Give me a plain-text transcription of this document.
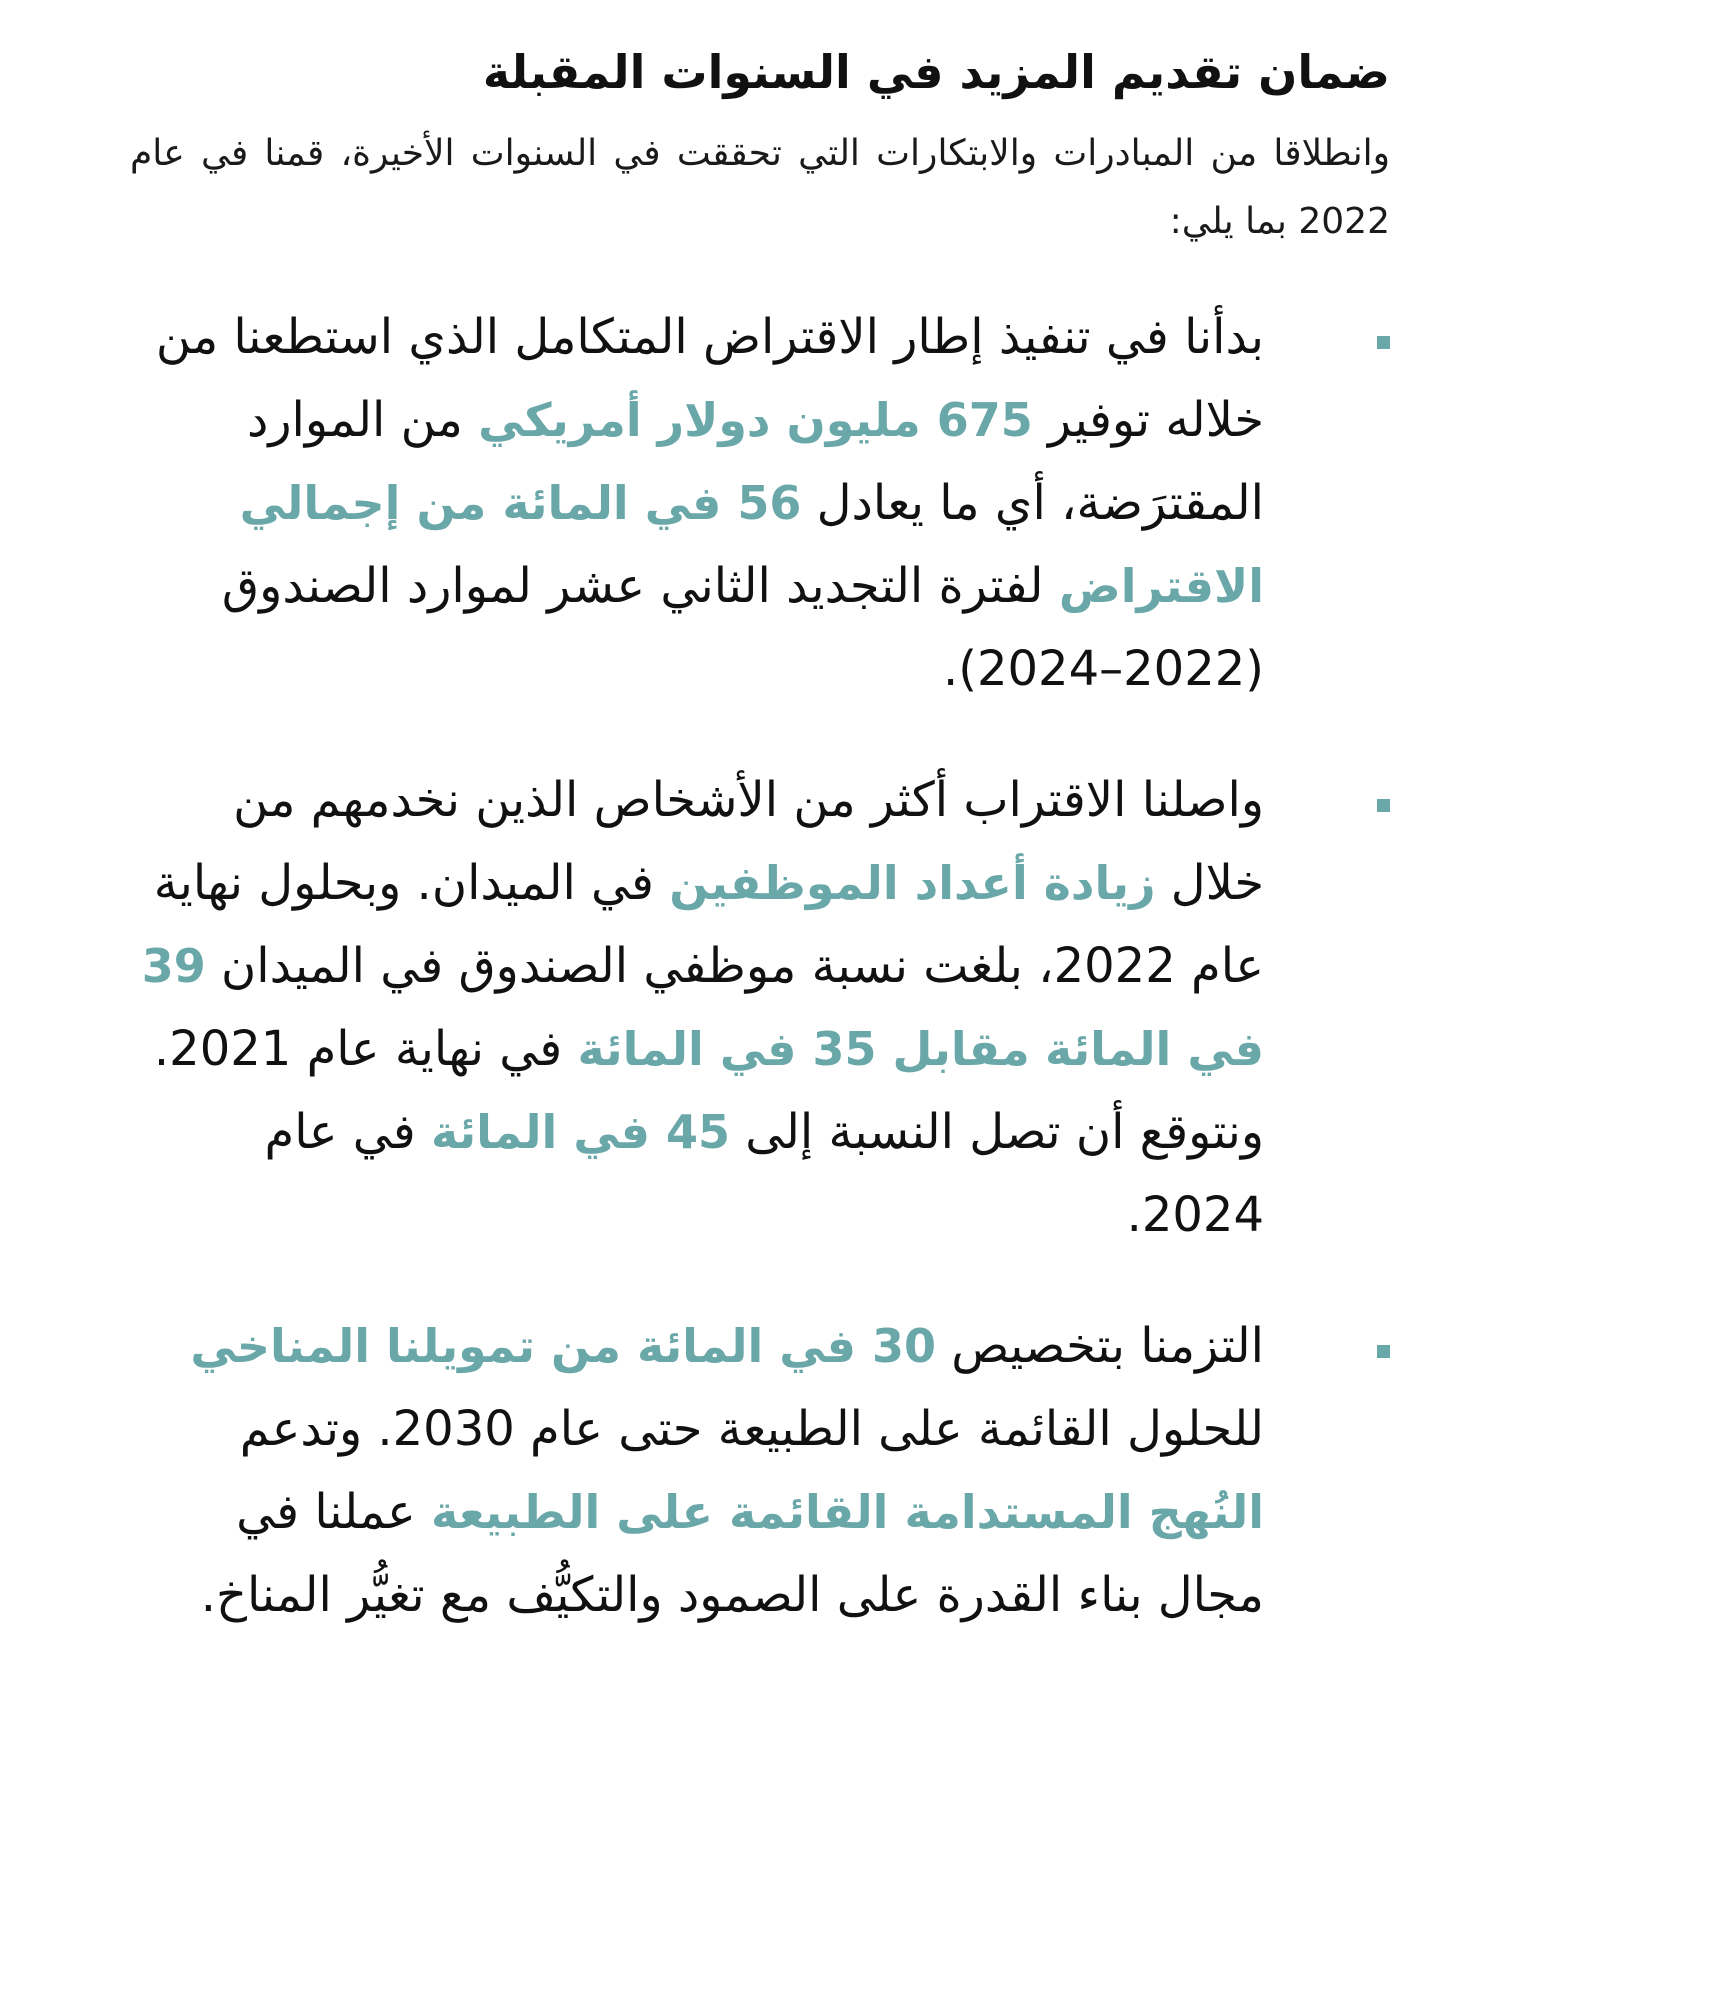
ضمان تقديم المزيد في السنوات المقبلة

وانطلاقا من المبادرات والابتكارات التي تحققت في السنوات الأخيرة، قمنا في عام 2022 بما يلي:

بدأنا في تنفيذ إطار الاقتراض المتكامل الذي استطعنا من خلاله توفير 675 مليون دولار أمريكي من الموارد المقترَضة، أي ما يعادل 56 في المائة من إجمالي الاقتراض لفترة التجديد الثاني عشر لموارد الصندوق (2022–2024).
واصلنا الاقتراب أكثر من الأشخاص الذين نخدمهم من خلال زيادة أعداد الموظفين في الميدان. وبحلول نهاية عام 2022، بلغت نسبة موظفي الصندوق في الميدان 39 في المائة مقابل 35 في المائة في نهاية عام 2021. ونتوقع أن تصل النسبة إلى 45 في المائة في عام 2024.
التزمنا بتخصيص 30 في المائة من تمويلنا المناخي للحلول القائمة على الطبيعة حتى عام 2030. وتدعم النُهج المستدامة القائمة على الطبيعة عملنا في مجال بناء القدرة على الصمود والتكيُّف مع تغيُّر المناخ.
